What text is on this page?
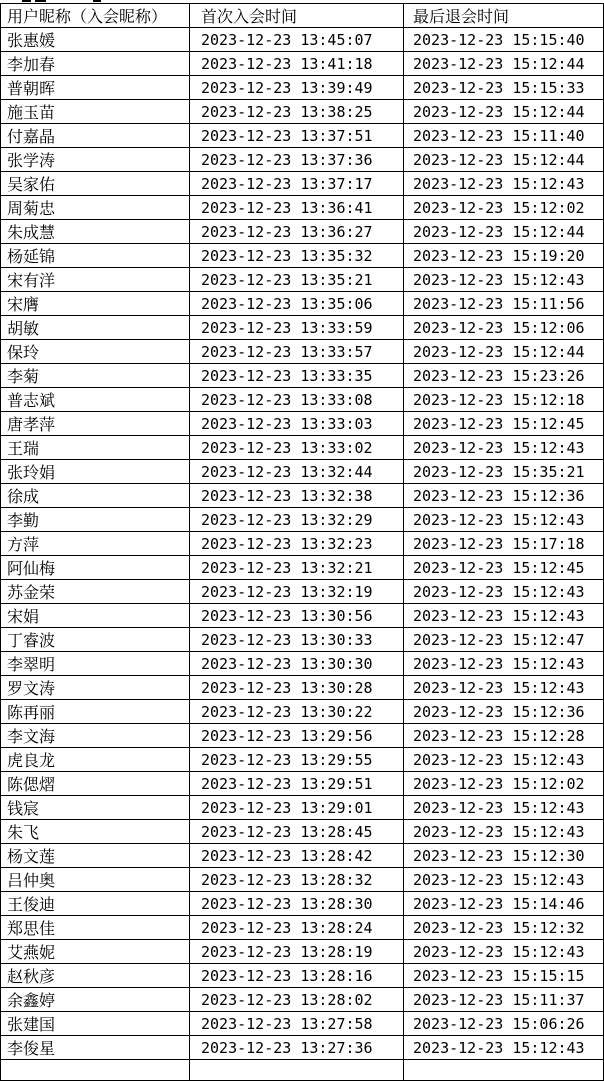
用户昵称（入会昵称）	首次入会时间	最后退会时间
张惠媛	2023-12-23 13:45:07	2023-12-23 15:15:40
李加春	2023-12-23 13:41:18	2023-12-23 15:12:44
普朝晖	2023-12-23 13:39:49	2023-12-23 15:15:33
施玉苗	2023-12-23 13:38:25	2023-12-23 15:12:44
付嘉晶	2023-12-23 13:37:51	2023-12-23 15:11:40
张学涛	2023-12-23 13:37:36	2023-12-23 15:12:44
吴家佑	2023-12-23 13:37:17	2023-12-23 15:12:43
周菊忠	2023-12-23 13:36:41	2023-12-23 15:12:02
朱成慧	2023-12-23 13:36:27	2023-12-23 15:12:44
杨延锦	2023-12-23 13:35:32	2023-12-23 15:19:20
宋有洋	2023-12-23 13:35:21	2023-12-23 15:12:43
宋膺	2023-12-23 13:35:06	2023-12-23 15:11:56
胡敏	2023-12-23 13:33:59	2023-12-23 15:12:06
保玲	2023-12-23 13:33:57	2023-12-23 15:12:44
李菊	2023-12-23 13:33:35	2023-12-23 15:23:26
普志斌	2023-12-23 13:33:08	2023-12-23 15:12:18
唐孝萍	2023-12-23 13:33:03	2023-12-23 15:12:45
王瑞	2023-12-23 13:33:02	2023-12-23 15:12:43
张玲娟	2023-12-23 13:32:44	2023-12-23 15:35:21
徐成	2023-12-23 13:32:38	2023-12-23 15:12:36
李勤	2023-12-23 13:32:29	2023-12-23 15:12:43
方萍	2023-12-23 13:32:23	2023-12-23 15:17:18
阿仙梅	2023-12-23 13:32:21	2023-12-23 15:12:45
苏金荣	2023-12-23 13:32:19	2023-12-23 15:12:43
宋娟	2023-12-23 13:30:56	2023-12-23 15:12:43
丁睿波	2023-12-23 13:30:33	2023-12-23 15:12:47
李翠明	2023-12-23 13:30:30	2023-12-23 15:12:43
罗文涛	2023-12-23 13:30:28	2023-12-23 15:12:43
陈再丽	2023-12-23 13:30:22	2023-12-23 15:12:36
李文海	2023-12-23 13:29:56	2023-12-23 15:12:28
虎良龙	2023-12-23 13:29:55	2023-12-23 15:12:43
陈偲熠	2023-12-23 13:29:51	2023-12-23 15:12:02
钱宸	2023-12-23 13:29:01	2023-12-23 15:12:43
朱飞	2023-12-23 13:28:45	2023-12-23 15:12:43
杨文莲	2023-12-23 13:28:42	2023-12-23 15:12:30
吕仲奥	2023-12-23 13:28:32	2023-12-23 15:12:43
王俊迪	2023-12-23 13:28:30	2023-12-23 15:14:46
郑思佳	2023-12-23 13:28:24	2023-12-23 15:12:32
艾燕妮	2023-12-23 13:28:19	2023-12-23 15:12:43
赵秋彦	2023-12-23 13:28:16	2023-12-23 15:15:15
余鑫婷	2023-12-23 13:28:02	2023-12-23 15:11:37
张建国	2023-12-23 13:27:58	2023-12-23 15:06:26
李俊星	2023-12-23 13:27:36	2023-12-23 15:12:43
